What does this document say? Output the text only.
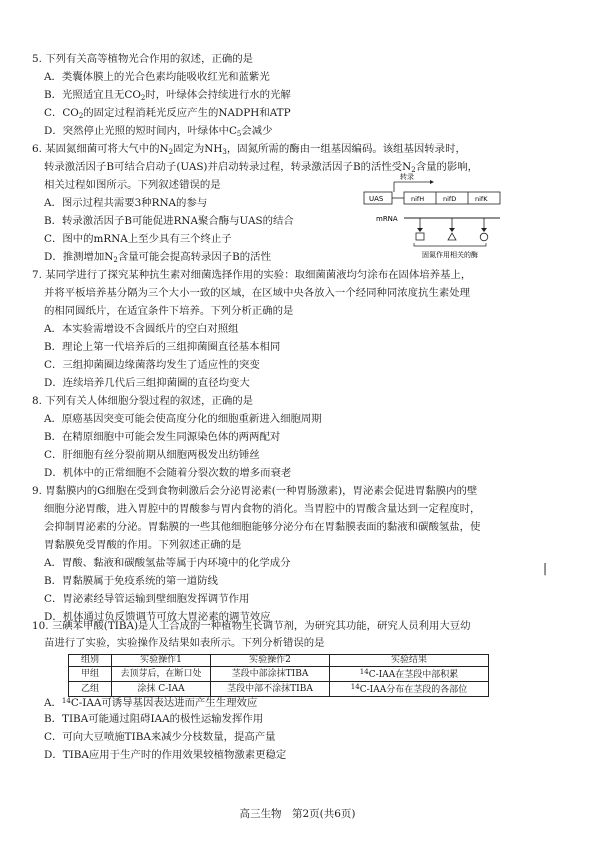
5. 下列有关高等植物光合作用的叙述，正确的是
A．类囊体膜上的光合色素均能吸收红光和蓝紫光
B．光照适宜且无$CO_2$时，叶绿体会持续进行水的光解
C．$CO_2$的固定过程消耗光反应产生的NADPH和ATP
D．突然停止光照的短时间内，叶绿体中$C_5$会减少
6. 某固氮细菌可将大气中的$N_2$固定为$NH_3$，固氮所需的酶由一组基因编码。该组基因转录时，
转录激活因子B可结合启动子(UAS)并启动转录过程，转录激活因子B的活性受$N_2$含量的影响，
相关过程如图所示。下列叙述错误的是
A．图示过程共需要3种RNA的参与
B．转录激活因子B可能促进RNA聚合酶与UAS的结合
C．图中的mRNA上至少具有三个终止子
D．推测增加$N_2$含量可能会提高转录因子B的活性
转录
UAS	nifH	nifD	nifK
mRNA
固氮作用相关的酶
7. 某同学进行了探究某种抗生素对细菌选择作用的实验：取细菌菌液均匀涂布在固体培养基上，
并将平板培养基分隔为三个大小一致的区域，在区域中央各放入一个经同种同浓度抗生素处理
的相同圆纸片，在适宜条件下培养。下列分析正确的是
A．本实验需增设不含圆纸片的空白对照组
B．理论上第一代培养后的三组抑菌圈直径基本相同
C．三组抑菌圈边缘菌落均发生了适应性的突变
D．连续培养几代后三组抑菌圈的直径均变大
8. 下列有关人体细胞分裂过程的叙述，正确的是
A．原癌基因突变可能会使高度分化的细胞重新进入细胞周期
B．在精原细胞中可能会发生同源染色体的两两配对
C．肝细胞有丝分裂前期从细胞两极发出纺锤丝
D．机体中的正常细胞不会随着分裂次数的增多而衰老
9. 胃黏膜内的G细胞在受到食物刺激后会分泌胃泌素(一种胃肠激素)，胃泌素会促进胃黏膜内的壁
细胞分泌胃酸，进入胃腔中的胃酸参与胃内食物的消化。当胃腔中的胃酸含量达到一定程度时，
会抑制胃泌素的分泌。胃黏膜的一些其他细胞能够分泌分布在胃黏膜表面的黏液和碳酸氢盐，使
胃黏膜免受胃酸的作用。下列叙述正确的是
A．胃酸、黏液和碳酸氢盐等属于内环境中的化学成分
B．胃黏膜属于免疫系统的第一道防线
C．胃泌素经导管运输到壁细胞发挥调节作用
D．机体通过负反馈调节可放大胃泌素的调节效应
|
10. 三碘苯甲酸(TIBA)是人工合成的一种植物生长调节剂，为研究其功能，研究人员利用大豆幼
苗进行了实验，实验操作及结果如表所示。下列分析错误的是
组别	实验操作1	实验操作2	实验结果
甲组	去顶芽后，在断口处	茎段中部涂抹TIBA	$^{14}$C-IAA在茎段中部积累
乙组	涂抹 C-IAA	茎段中部不涂抹TIBA	$^{14}$C-IAA分布在茎段的各部位
A．$^{14}$C-IAA可诱导基因表达进而产生生理效应
B．TIBA可能通过阻碍IAA的极性运输发挥作用
C．可向大豆喷施TIBA来减少分枝数量，提高产量
D．TIBA应用于生产时的作用效果较植物激素更稳定
高三生物　第2页(共6页)
